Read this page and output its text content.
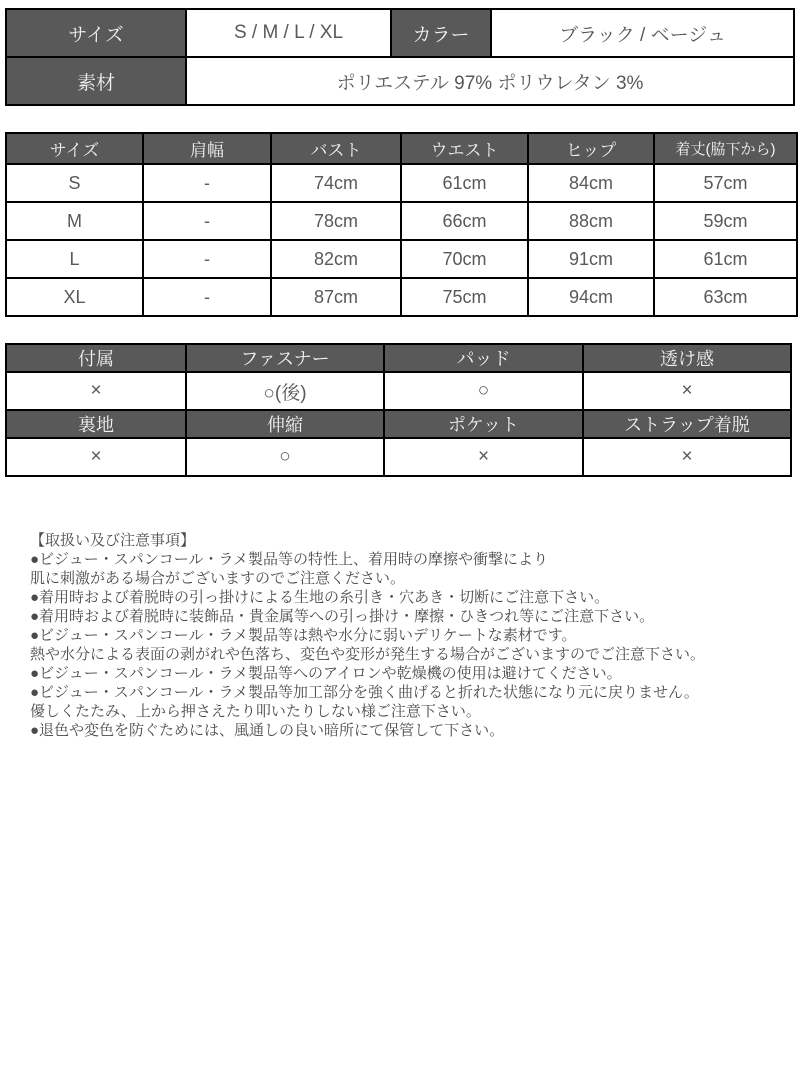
サイズ	S / M / L / XL	カラー	ブラック / ベージュ
素材	ポリエステル 97% ポリウレタン 3%		
サイズ	肩幅	バスト	ウエスト	ヒップ	着丈(脇下から)
S	-	74cm	61cm	84cm	57cm
M	-	78cm	66cm	88cm	59cm
L	-	82cm	70cm	91cm	61cm
XL	-	87cm	75cm	94cm	63cm
付属	ファスナー	パッド	透け感
×	○(後)	○	×
裏地	伸縮	ポケット	ストラップ着脱
×	○	×	×
【取扱い及び注意事項】
●ビジュー・スパンコール・ラメ製品等の特性上、着用時の摩擦や衝撃により
肌に刺激がある場合がございますのでご注意ください。
●着用時および着脱時の引っ掛けによる生地の糸引き・穴あき・切断にご注意下さい。
●着用時および着脱時に装飾品・貴金属等への引っ掛け・摩擦・ひきつれ等にご注意下さい。
●ビジュー・スパンコール・ラメ製品等は熱や水分に弱いデリケートな素材です。
熱や水分による表面の剥がれや色落ち、変色や変形が発生する場合がございますのでご注意下さい。
●ビジュー・スパンコール・ラメ製品等へのアイロンや乾燥機の使用は避けてください。
●ビジュー・スパンコール・ラメ製品等加工部分を強く曲げると折れた状態になり元に戻りません。
優しくたたみ、上から押さえたり叩いたりしない様ご注意下さい。
●退色や変色を防ぐためには、風通しの良い暗所にて保管して下さい。
